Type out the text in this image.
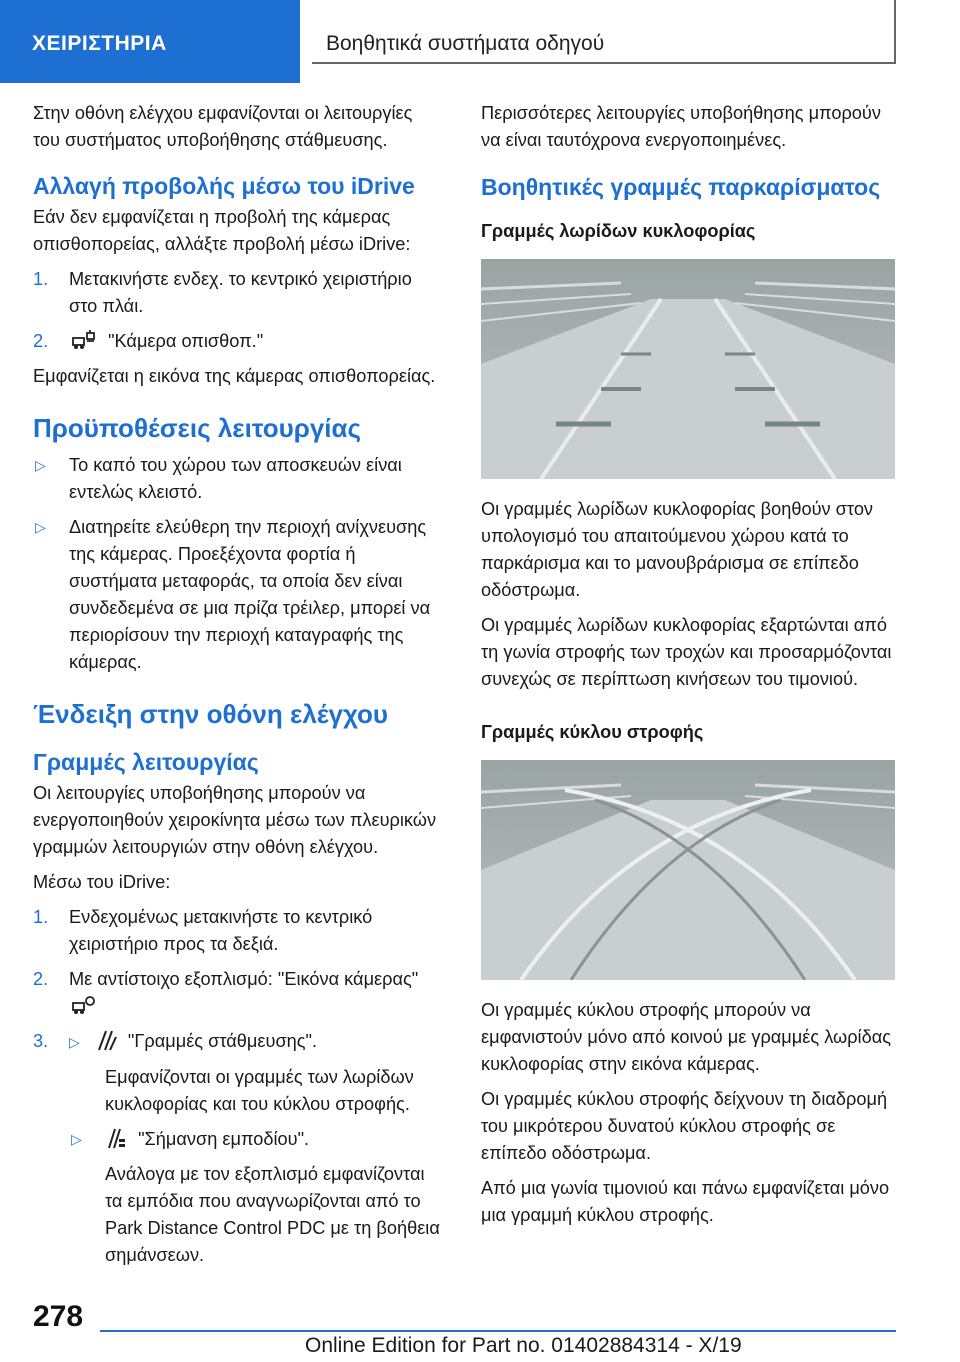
ΧΕΙΡΙΣΤΗΡΙΑ	Βοηθητικά συστήματα οδηγού

Στην οθόνη ελέγχου εμφανίζονται οι λειτουργίες του συστήματος υποβοήθησης στάθμευσης.

Αλλαγή προβολής μέσω του iDrive

Εάν δεν εμφανίζεται η προβολή της κάμερας οπισθοπορείας, αλλάξτε προβολή μέσω iDrive:

1. Μετακινήστε ενδεχ. το κεντρικό χειριστήριο στο πλάι.
2.	"Κάμερα οπισθοπ."

Εμφανίζεται η εικόνα της κάμερας οπισθοπορείας.

Προϋποθέσεις λειτουργίας
▷ Το καπό του χώρου των αποσκευών είναι εντελώς κλειστό.
▷ Διατηρείτε ελεύθερη την περιοχή ανίχνευσης της κάμερας. Προεξέχοντα φορτία ή συστήματα μεταφοράς, τα οποία δεν είναι συνδεδεμένα σε μια πρίζα τρέιλερ, μπορεί να περιορίσουν την περιοχή καταγραφής της κάμερας.
Ένδειξη στην οθόνη ελέγχου
Γραμμές λειτουργίας

Οι λειτουργίες υποβοήθησης μπορούν να ενεργοποιηθούν χειροκίνητα μέσω των πλευρικών γραμμών λειτουργιών στην οθόνη ελέγχου.

Μέσω του iDrive:

1. Ενδεχομένως μετακινήστε το κεντρικό χειριστήριο προς τα δεξιά.
2. Με αντίστοιχο εξοπλισμό: "Εικόνα κάμερας"
3. ▷	"Γραμμές στάθμευσης".

Εμφανίζονται οι γραμμές των λωρίδων κυκλοφορίας και του κύκλου στροφής.

▷	"Σήμανση εμποδίου".

Ανάλογα με τον εξοπλισμό εμφανίζονται τα εμπόδια που αναγνωρίζονται από το Park Distance Control PDC με τη βοήθεια σημάνσεων.

Περισσότερες λειτουργίες υποβοήθησης μπορούν να είναι ταυτόχρονα ενεργοποιημένες.

Βοηθητικές γραμμές παρκαρίσματος
Γραμμές λωρίδων κυκλοφορίας

Οι γραμμές λωρίδων κυκλοφορίας βοηθούν στον υπολογισμό του απαιτούμενου χώρου κατά το παρκάρισμα και το μανουβράρισμα σε επίπεδο οδόστρωμα.

Οι γραμμές λωρίδων κυκλοφορίας εξαρτώνται από τη γωνία στροφής των τροχών και προσαρμόζονται συνεχώς σε περίπτωση κινήσεων του τιμονιού.

Γραμμές κύκλου στροφής

Οι γραμμές κύκλου στροφής μπορούν να εμφανιστούν μόνο από κοινού με γραμμές λωρίδας κυκλοφορίας στην εικόνα κάμερας.

Οι γραμμές κύκλου στροφής δείχνουν τη διαδρομή του μικρότερου δυνατού κύκλου στροφής σε επίπεδο οδόστρωμα.

Από μια γωνία τιμονιού και πάνω εμφανίζεται μόνο μια γραμμή κύκλου στροφής.

278
Online Edition for Part no. 01402884314 - X/19
